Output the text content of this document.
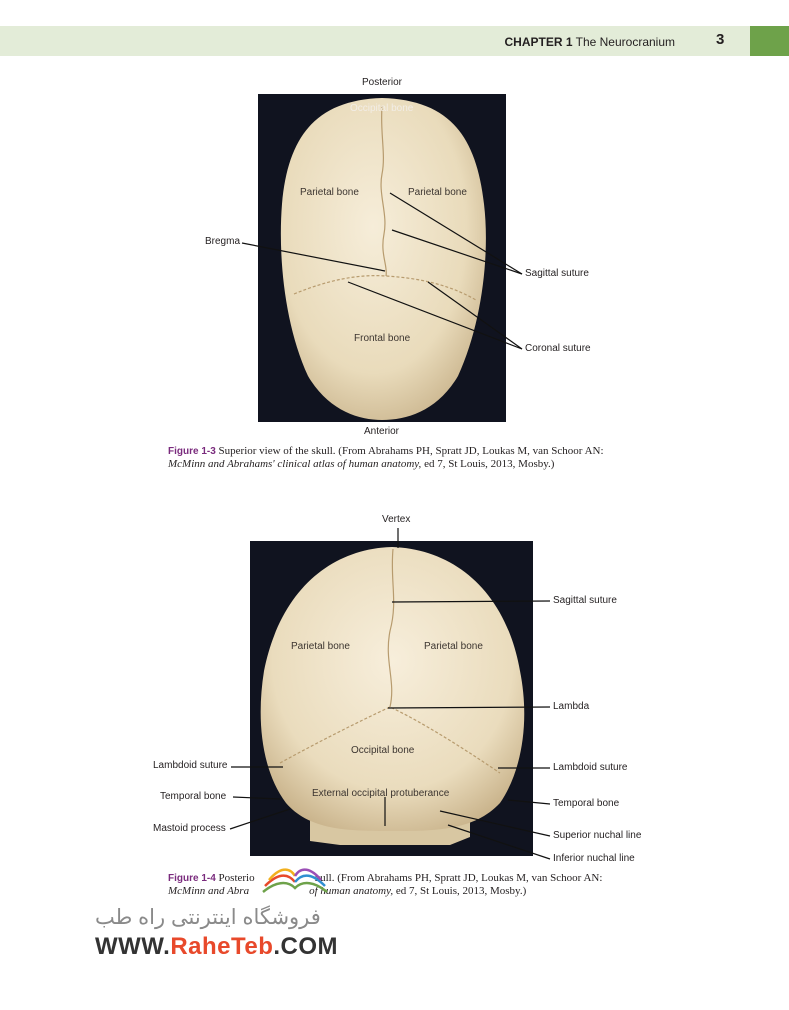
CHAPTER 1 The Neurocranium	3
Posterior
Occipital bone
Parietal bone	Parietal bone
Bregma
Sagittal suture
Frontal bone
Coronal suture
Anterior
Figure 1-3 Superior view of the skull. (From Abrahams PH, Spratt JD, Loukas M, van Schoor AN:
McMinn and Abrahams' clinical atlas of human anatomy, ed 7, St Louis, 2013, Mosby.)
Vertex
Sagittal suture
Parietal bone	Parietal bone
Lambda
Occipital bone
Lambdoid suture	Lambdoid suture
External occipital protuberance
Temporal bone
Temporal bone
Mastoid process
Superior nuchal line
Inferior nuchal line
Figure 1-4 Posterio	kull. (From Abrahams PH, Spratt JD, Loukas M, van Schoor AN:
McMinn and Abra	of human anatomy, ed 7, St Louis, 2013, Mosby.)
فروشگاه اینترنتی راه طب
WWW.RaheTeb.COM
